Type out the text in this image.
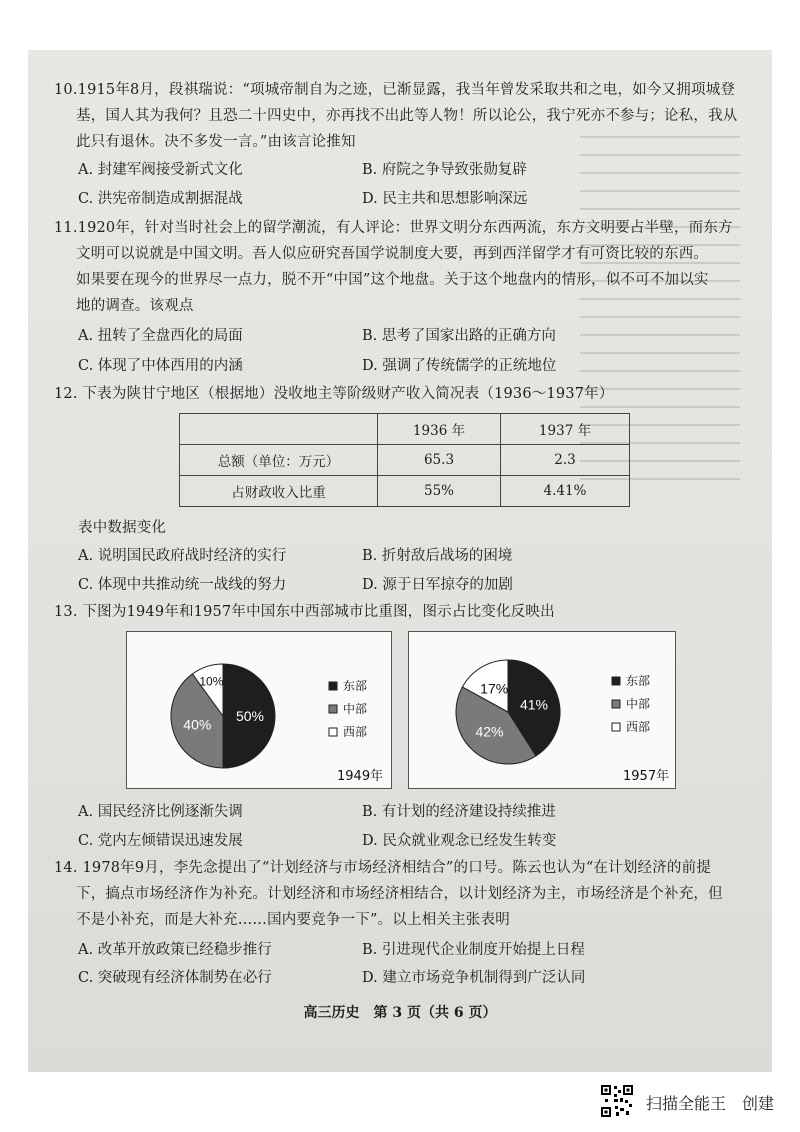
10.1915年8月，段祺瑞说：“项城帝制自为之迹，已渐显露，我当年曾发采取共和之电，如今又拥项城登
基，国人其为我何？且恐二十四史中，亦再找不出此等人物！所以论公，我宁死亦不参与；论私，我从
此只有退休。决不多发一言。”由该言论推知
A. 封建军阀接受新式文化	B. 府院之争导致张勋复辟
C. 洪宪帝制造成割据混战	D. 民主共和思想影响深远
11.1920年，针对当时社会上的留学潮流，有人评论：世界文明分东西两流，东方文明要占半壁，而东方
文明可以说就是中国文明。吾人似应研究吾国学说制度大要，再到西洋留学才有可资比较的东西。
如果要在现今的世界尽一点力，脱不开“中国”这个地盘。关于这个地盘内的情形，似不可不加以实
地的调查。该观点
A. 扭转了全盘西化的局面	B. 思考了国家出路的正确方向
C. 体现了中体西用的内涵	D. 强调了传统儒学的正统地位
12. 下表为陕甘宁地区（根据地）没收地主等阶级财产收入简况表（1936～1937年）
	1936 年	1937 年
总额（单位：万元）	65.3	2.3
占财政收入比重	55%	4.41%
表中数据变化
A. 说明国民政府战时经济的实行	B. 折射敌后战场的困境
C. 体现中共推动统一战线的努力	D. 源于日军掠夺的加剧
13. 下图为1949年和1957年中国东中西部城市比重图，图示占比变化反映出
50%
40%
10%	东部
中部
西部
1949年
41%
42%
17%	东部
中部
西部
1957年
A. 国民经济比例逐渐失调	B. 有计划的经济建设持续推进
C. 党内左倾错误迅速发展	D. 民众就业观念已经发生转变
14. 1978年9月，李先念提出了“计划经济与市场经济相结合”的口号。陈云也认为“在计划经济的前提
下，搞点市场经济作为补充。计划经济和市场经济相结合，以计划经济为主，市场经济是个补充，但
不是小补充，而是大补充……国内要竞争一下”。以上相关主张表明
A. 改革开放政策已经稳步推行	B. 引进现代企业制度开始提上日程
C. 突破现有经济体制势在必行	D. 建立市场竞争机制得到广泛认同
高三历史　第 3 页（共 6 页）
扫描全能王　创建
